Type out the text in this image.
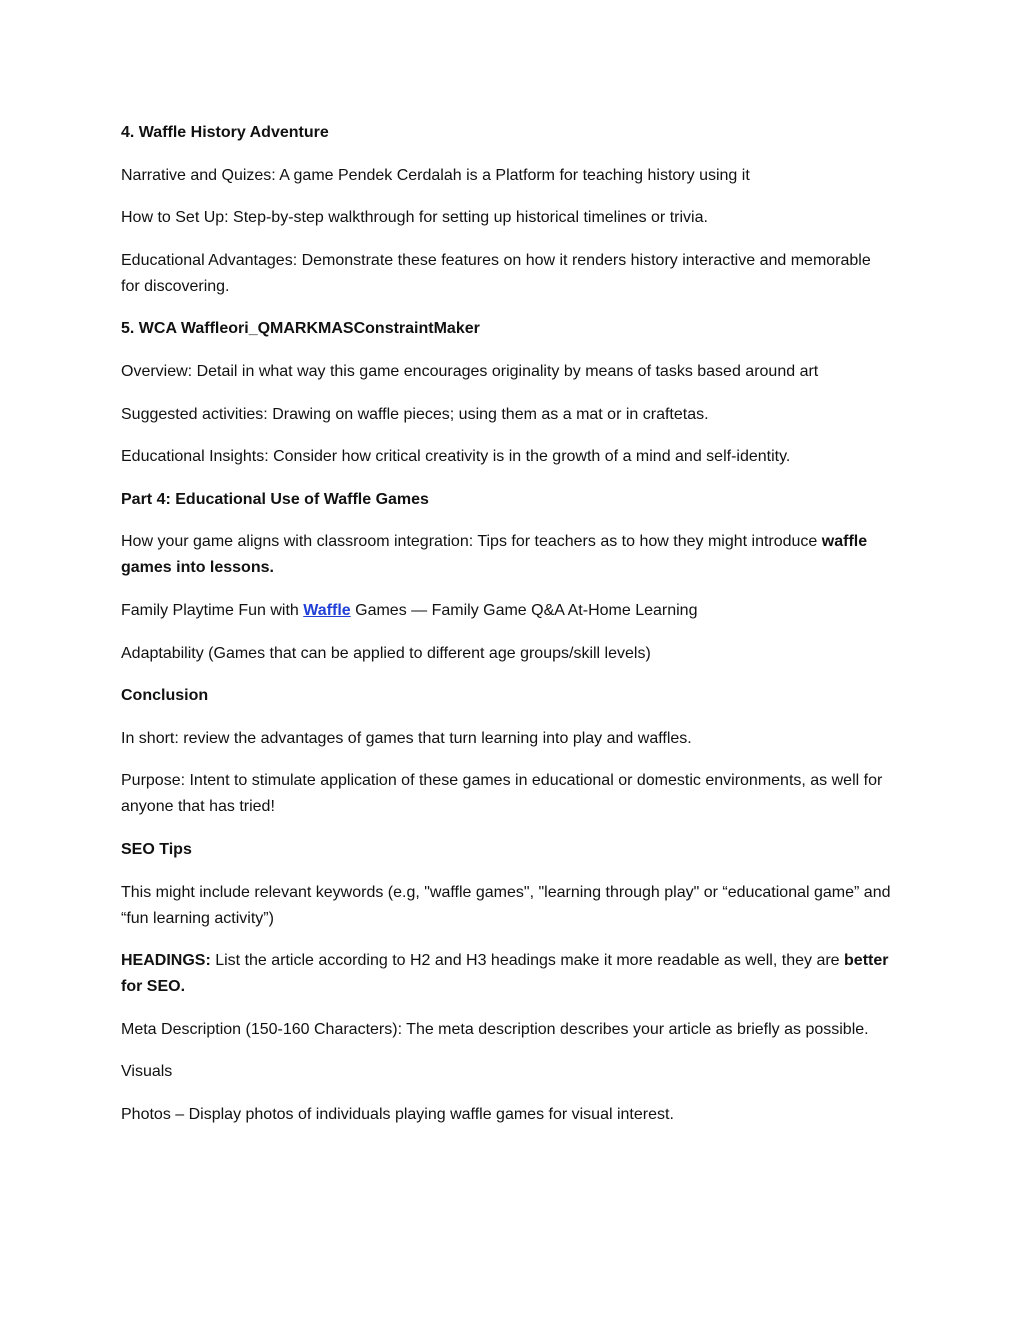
4. Waffle History Adventure

Narrative and Quizes: A game Pendek Cerdalah is a Platform for teaching history using it

How to Set Up: Step-by-step walkthrough for setting up historical timelines or trivia.

Educational Advantages: Demonstrate these features on how it renders history interactive and memorable for discovering.

5. WCA Waffleori_QMARKMASConstraintMaker

Overview: Detail in what way this game encourages originality by means of tasks based around art

Suggested activities: Drawing on waffle pieces; using them as a mat or in craftetas.

Educational Insights: Consider how critical creativity is in the growth of a mind and self-identity.

Part 4: Educational Use of Waffle Games

How your game aligns with classroom integration: Tips for teachers as to how they might introduce waffle games into lessons.

Family Playtime Fun with Waffle Games — Family Game Q&A At-Home Learning

Adaptability (Games that can be applied to different age groups/skill levels)

Conclusion

In short: review the advantages of games that turn learning into play and waffles.

Purpose: Intent to stimulate application of these games in educational or domestic environments, as well for anyone that has tried!

SEO Tips

This might include relevant keywords (e.g, "waffle games", "learning through play" or “educational game” and “fun learning activity”)

HEADINGS: List the article according to H2 and H3 headings make it more readable as well, they are better for SEO.

Meta Description (150-160 Characters): The meta description describes your article as briefly as possible.

Visuals

Photos – Display photos of individuals playing waffle games for visual interest.
